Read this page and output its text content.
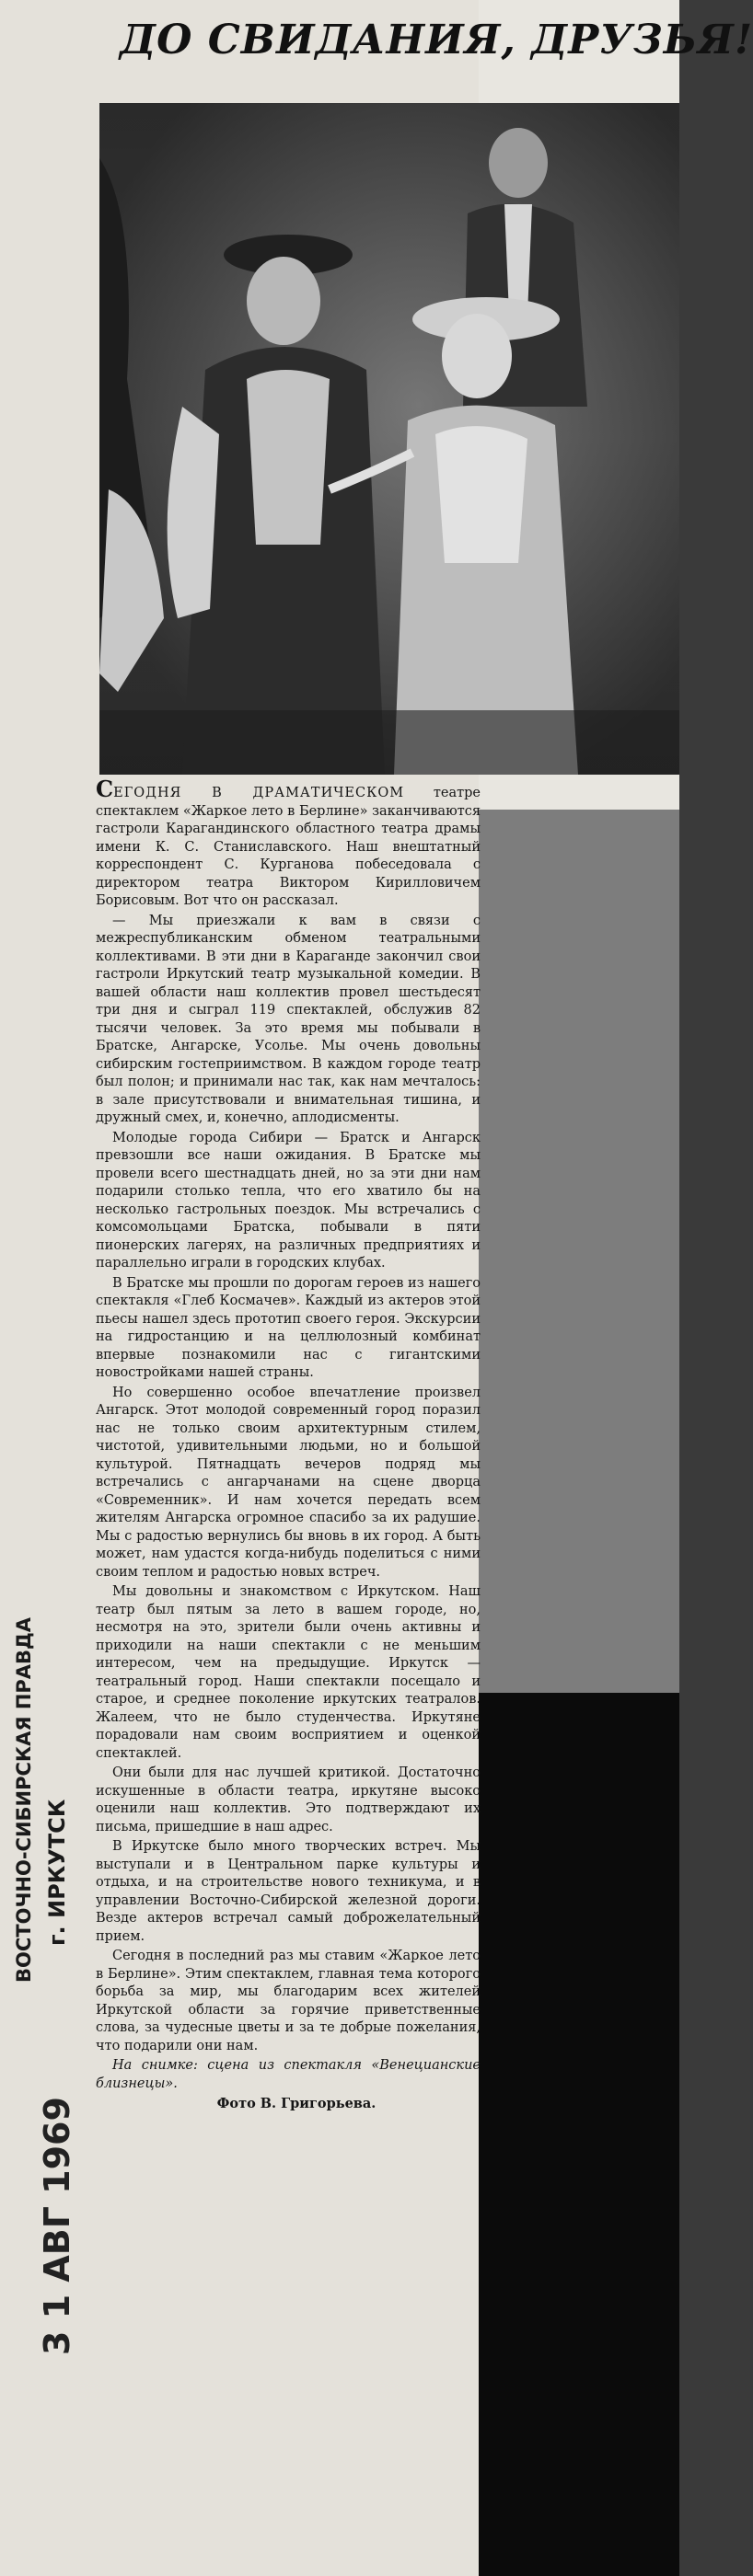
ДО СВИДАНИЯ, ДРУЗЬЯ!

СЕГОДНЯ В ДРАМАТИЧЕСКОМ театре спектаклем «Жаркое лето в Берлине» заканчиваются гастроли Карагандинского областного театра драмы имени К. С. Станиславского. Наш внештатный корреспондент С. Курганова побеседовала с директором театра Виктором Кирилловичем Борисовым. Вот что он рассказал.

— Мы приезжали к вам в связи с межреспубликанским обменом театральными коллективами. В эти дни в Караганде закончил свои гастроли Иркутский театр музыкальной комедии. В вашей области наш коллектив провел шестьдесят три дня и сыграл 119 спектаклей, обслужив 82 тысячи человек. За это время мы побывали в Братске, Ангарске, Усолье. Мы очень довольны сибирским гостеприимством. В каждом городе театр был полон; и принимали нас так, как нам мечталось: в зале присутствовали и внимательная тишина, и дружный смех, и, конечно, аплодисменты.

Молодые города Сибири — Братск и Ангарск превзошли все наши ожидания. В Братске мы провели всего шестнадцать дней, но за эти дни нам подарили столько тепла, что его хватило бы на несколько гастрольных поездок. Мы встречались с комсомольцами Братска, побывали в пяти пионерских лагерях, на различных предприятиях и параллельно играли в городских клубах.

В Братске мы прошли по дорогам героев из нашего спектакля «Глеб Космачев». Каждый из актеров этой пьесы нашел здесь прототип своего героя. Экскурсии на гидростанцию и на целлюлозный комбинат впервые познакомили нас с гигантскими новостройками нашей страны.

Но совершенно особое впечатление произвел Ангарск. Этот молодой современный город поразил нас не только своим архитектурным стилем, чистотой, удивительными людьми, но и большой культурой. Пятнадцать вечеров подряд мы встречались с ангарчанами на сцене дворца «Современник». И нам хочется передать всем жителям Ангарска огромное спасибо за их радушие. Мы с радостью вернулись бы вновь в их город. А быть может, нам удастся когда-нибудь поделиться с ними своим теплом и радостью новых встреч.

Мы довольны и знакомством с Иркутском. Наш театр был пятым за лето в вашем городе, но, несмотря на это, зрители были очень активны и приходили на наши спектакли с не меньшим интересом, чем на предыдущие. Иркутск — театральный город. Наши спектакли посещало и старое, и среднее поколение иркутских театралов. Жалеем, что не было студенчества. Иркутяне порадовали нам своим восприятием и оценкой спектаклей.

Они были для нас лучшей критикой. Достаточно искушенные в области театра, иркутяне высоко оценили наш коллектив. Это подтверждают их письма, пришедшие в наш адрес.

В Иркутске было много творческих встреч. Мы выступали и в Центральном парке культуры и отдыха, и на строительстве нового техникума, и в управлении Восточно-Сибирской железной дороги. Везде актеров встречал самый доброжелательный прием.

Сегодня в последний раз мы ставим «Жаркое лето в Берлине». Этим спектаклем, главная тема которого борьба за мир, мы благодарим всех жителей Иркутской области за горячие приветственные слова, за чудесные цветы и за те добрые пожелания, что подарили они нам.

На снимке: сцена из спектакля «Венецианские близнецы».

Фото В. Григорьева.

ВОСТОЧНО-СИБИРСКАЯ ПРАВДА г. ИРКУТСК
3 1 АВГ 1969
